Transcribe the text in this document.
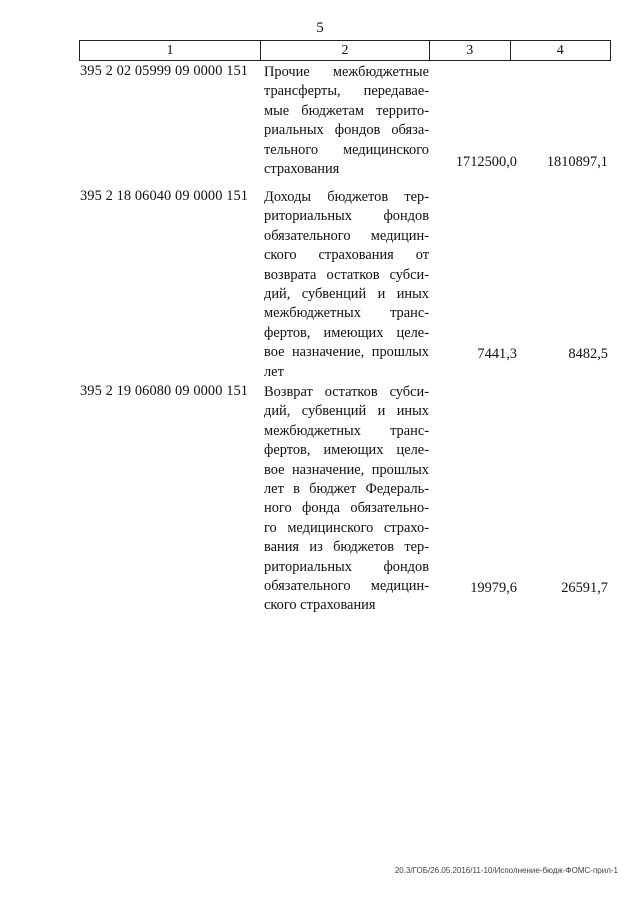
5
1	2	3	4
395 2 02 05999 09 0000 151 Прочие межбюджетные
трансферты, передавае-
мые бюджетам террито-
риальных фондов обяза-
тельного медицинского
страхования	1712500,0 1810897,1
395 2 18 06040 09 0000 151 Доходы бюджетов тер-
риториальных фондов
обязательного медицин-
ского страхования от
возврата остатков субси-
дий, субвенций и иных
межбюджетных транс-
фертов, имеющих целе-
вое назначение, прошлых
лет
7441,3	8482,5
395 2 19 06080 09 0000 151 Возврат остатков субси-
дий, субвенций и иных
межбюджетных транс-
фертов, имеющих целе-
вое назначение, прошлых
лет в бюджет Федераль-
ного фонда обязательно-
го медицинского страхо-
вания из бюджетов тер-
риториальных фондов
обязательного медицин-
ского страхования
19979,6	26591,7
20.3/ГОБ/26.05.2016/11-10/Исполнение-бюдж-ФОМС-прил-1
